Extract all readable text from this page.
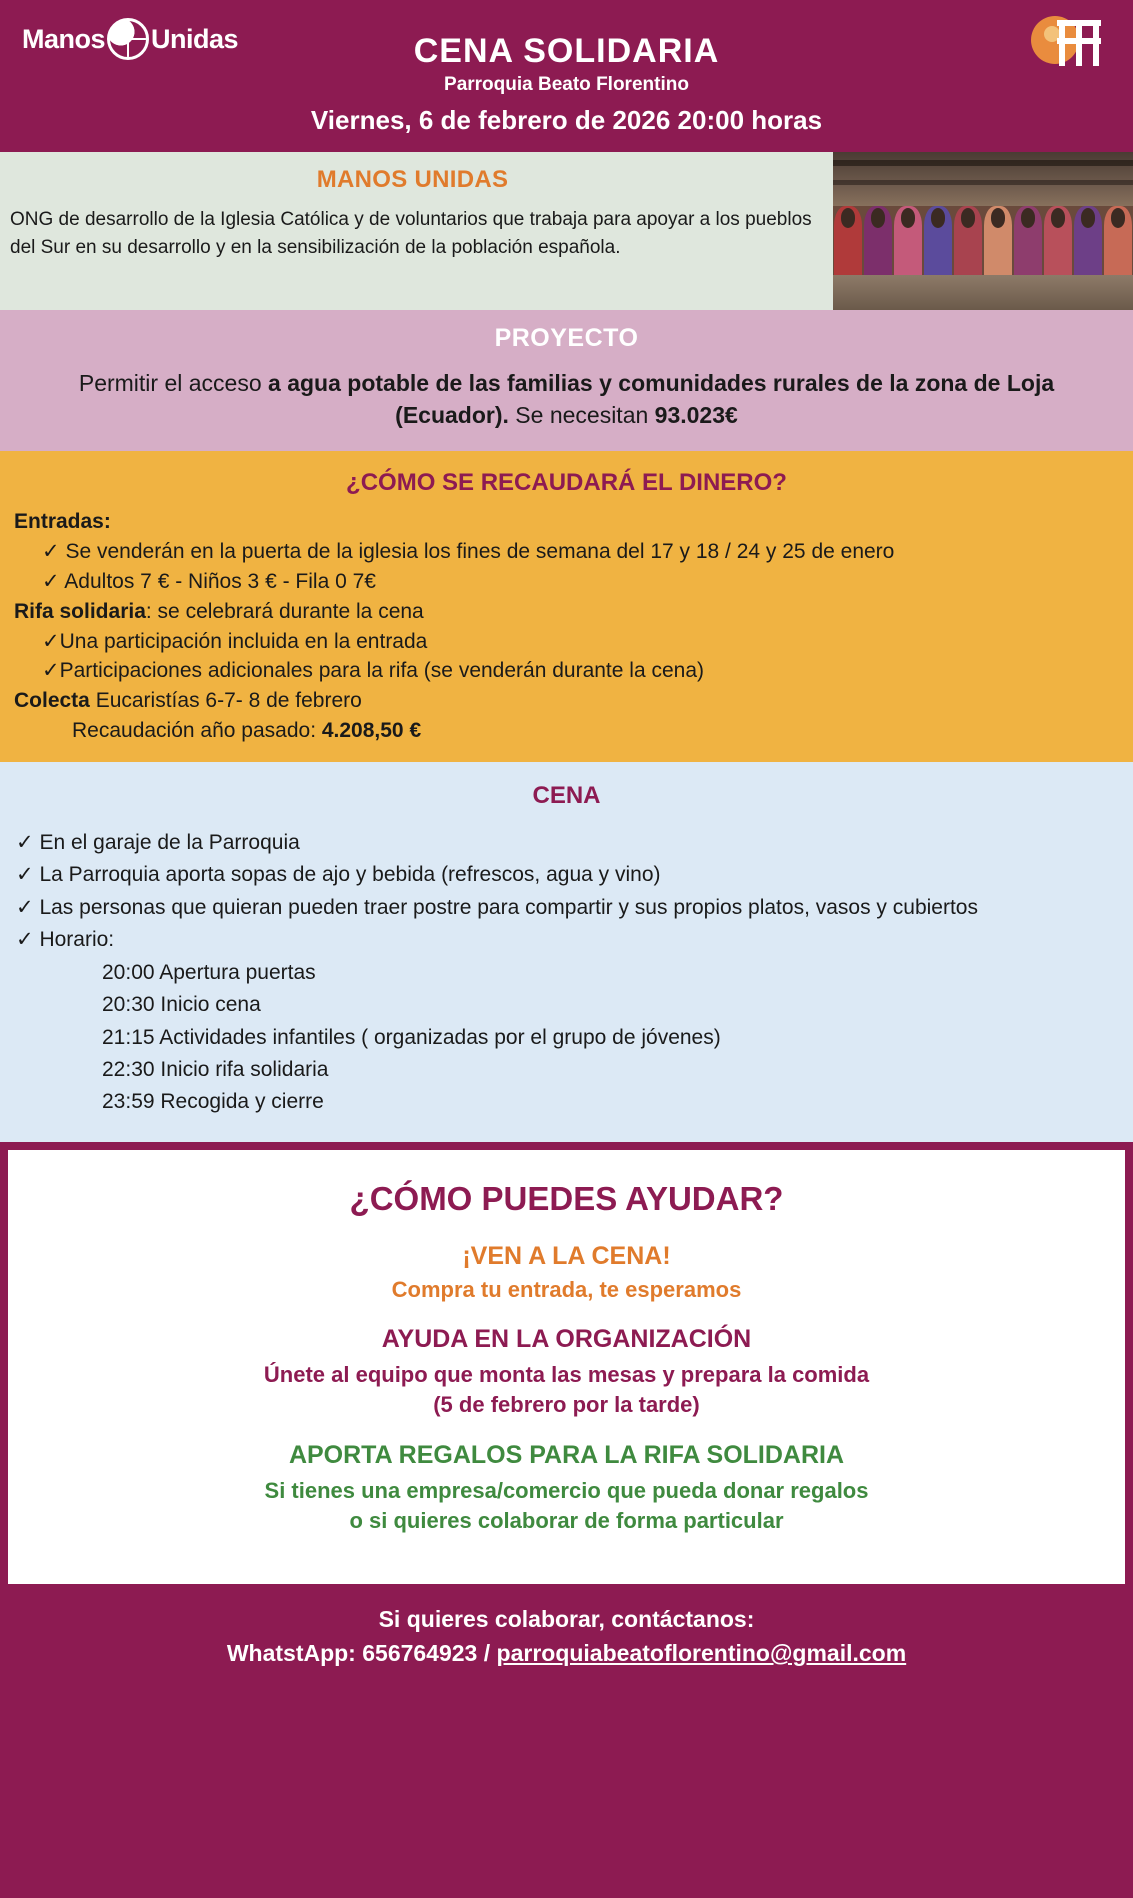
Manos Unidas	CENA SOLIDARIA
Parroquia Beato Florentino
Viernes, 6 de febrero de 2026 20:00 horas
MANOS UNIDAS
ONG de desarrollo de la Iglesia Católica y de voluntarios que trabaja para apoyar a los pueblos del Sur en su desarrollo y en la sensibilización de la población española.
PROYECTO
Permitir el acceso a agua potable de las familias y comunidades rurales de la zona de Loja (Ecuador). Se necesitan 93.023€
¿CÓMO SE RECAUDARÁ EL DINERO?
Entradas:
✓ Se venderán en la puerta de la iglesia los fines de semana del 17 y 18 / 24 y 25 de enero
✓ Adultos 7 € - Niños 3 € - Fila 0 7€
Rifa solidaria: se celebrará durante la cena
✓Una participación incluida en la entrada
✓Participaciones adicionales para la rifa (se venderán durante la cena)
Colecta Eucaristías 6-7- 8 de febrero
Recaudación año pasado: 4.208,50 €
CENA
✓ En el garaje de la Parroquia
✓ La Parroquia aporta sopas de ajo y bebida (refrescos, agua y vino)
✓ Las personas que quieran pueden traer postre para compartir y sus propios platos, vasos y cubiertos
✓ Horario:
20:00 Apertura puertas
20:30 Inicio cena
21:15 Actividades infantiles ( organizadas por el grupo de jóvenes)
22:30 Inicio rifa solidaria
23:59 Recogida y cierre
¿CÓMO PUEDES AYUDAR?
¡VEN A LA CENA!
Compra tu entrada, te esperamos
AYUDA EN LA ORGANIZACIÓN
Únete al equipo que monta las mesas y prepara la comida
(5 de febrero por la tarde)
APORTA REGALOS PARA LA RIFA SOLIDARIA
Si tienes una empresa/comercio que pueda donar regalos
o si quieres colaborar de forma particular
Si quieres colaborar, contáctanos:
WhatstApp: 656764923 / parroquiabeatoflorentino@gmail.com
